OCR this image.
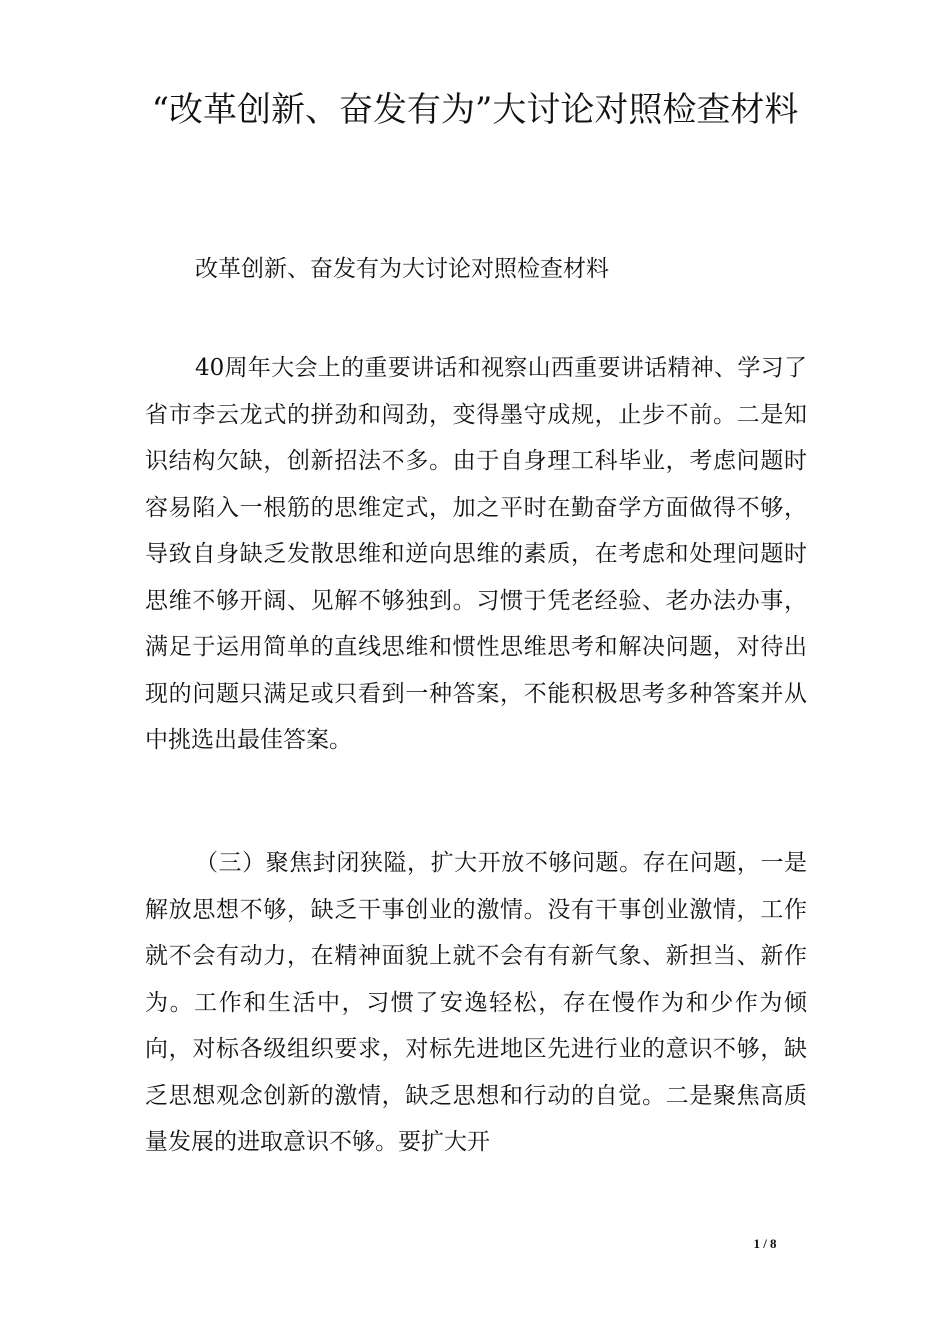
“改革创新、奋发有为”大讨论对照检查材料

改革创新、奋发有为大讨论对照检查材料

40周年大会上的重要讲话和视察山西重要讲话精神、学习了省市李云龙式的拼劲和闯劲，变得墨守成规，止步不前。二是知识结构欠缺，创新招法不多。由于自身理工科毕业，考虑问题时容易陷入一根筋的思维定式，加之平时在勤奋学方面做得不够，导致自身缺乏发散思维和逆向思维的素质，在考虑和处理问题时思维不够开阔、见解不够独到。习惯于凭老经验、老办法办事，满足于运用简单的直线思维和惯性思维思考和解决问题，对待出现的问题只满足或只看到一种答案，不能积极思考多种答案并从中挑选出最佳答案。

（三）聚焦封闭狭隘，扩大开放不够问题。存在问题，一是解放思想不够，缺乏干事创业的激情。没有干事创业激情，工作就不会有动力，在精神面貌上就不会有有新气象、新担当、新作为。工作和生活中，习惯了安逸轻松，存在慢作为和少作为倾向，对标各级组织要求，对标先进地区先进行业的意识不够，缺乏思想观念创新的激情，缺乏思想和行动的自觉。二是聚焦高质量发展的进取意识不够。要扩大开

1 / 8
